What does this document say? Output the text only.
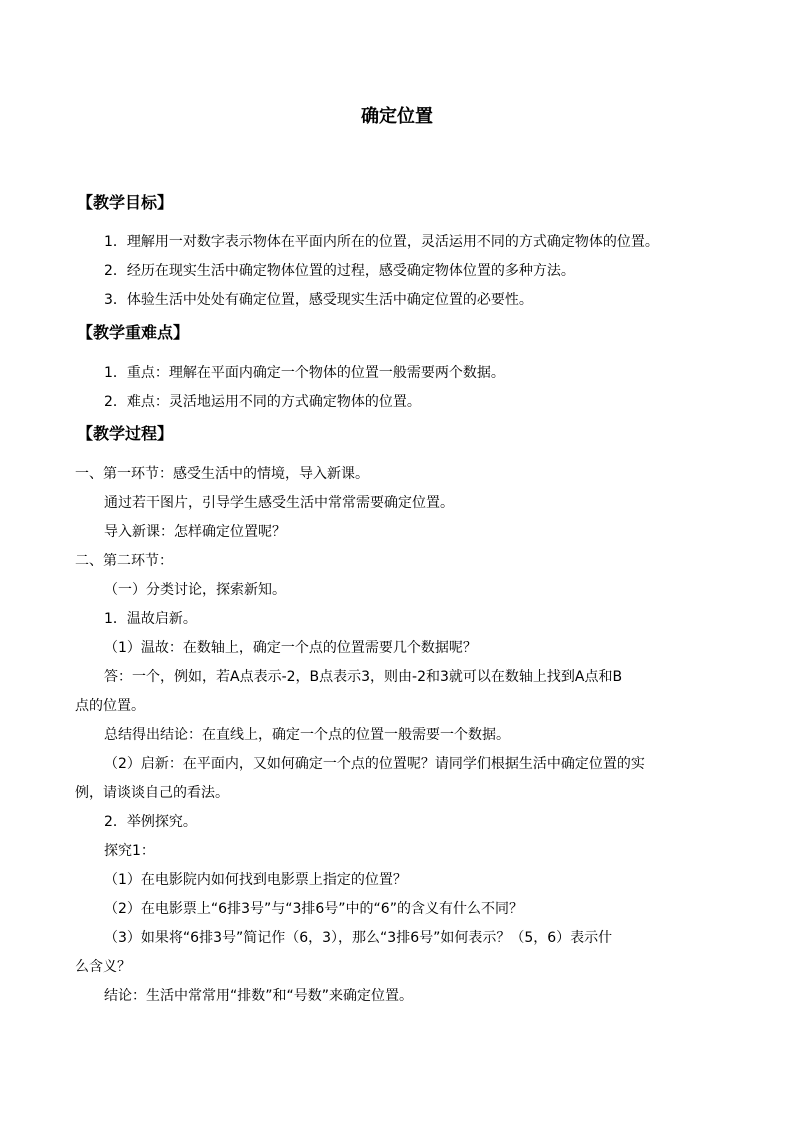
确定位置
【教学目标】
1．理解用一对数字表示物体在平面内所在的位置，灵活运用不同的方式确定物体的位置。
2．经历在现实生活中确定物体位置的过程，感受确定物体位置的多种方法。
3．体验生活中处处有确定位置，感受现实生活中确定位置的必要性。
【教学重难点】
1．重点：理解在平面内确定一个物体的位置一般需要两个数据。
2．难点：灵活地运用不同的方式确定物体的位置。
【教学过程】
一、第一环节：感受生活中的情境，导入新课。
通过若干图片，引导学生感受生活中常常需要确定位置。
导入新课：怎样确定位置呢？
二、第二环节：
（一）分类讨论，探索新知。
1．温故启新。
（1）温故：在数轴上，确定一个点的位置需要几个数据呢？
答：一个，例如，若A点表示-2，B点表示3，则由-2和3就可以在数轴上找到A点和B
点的位置。
总结得出结论：在直线上，确定一个点的位置一般需要一个数据。
（2）启新：在平面内，又如何确定一个点的位置呢？请同学们根据生活中确定位置的实
例，请谈谈自己的看法。
2．举例探究。
探究1：
（1）在电影院内如何找到电影票上指定的位置？
（2）在电影票上“6排3号”与“3排6号”中的“6”的含义有什么不同？
（3）如果将“6排3号”简记作（6，3），那么“3排6号”如何表示？（5，6）表示什
么含义？
结论：生活中常常用“排数”和“号数”来确定位置。
